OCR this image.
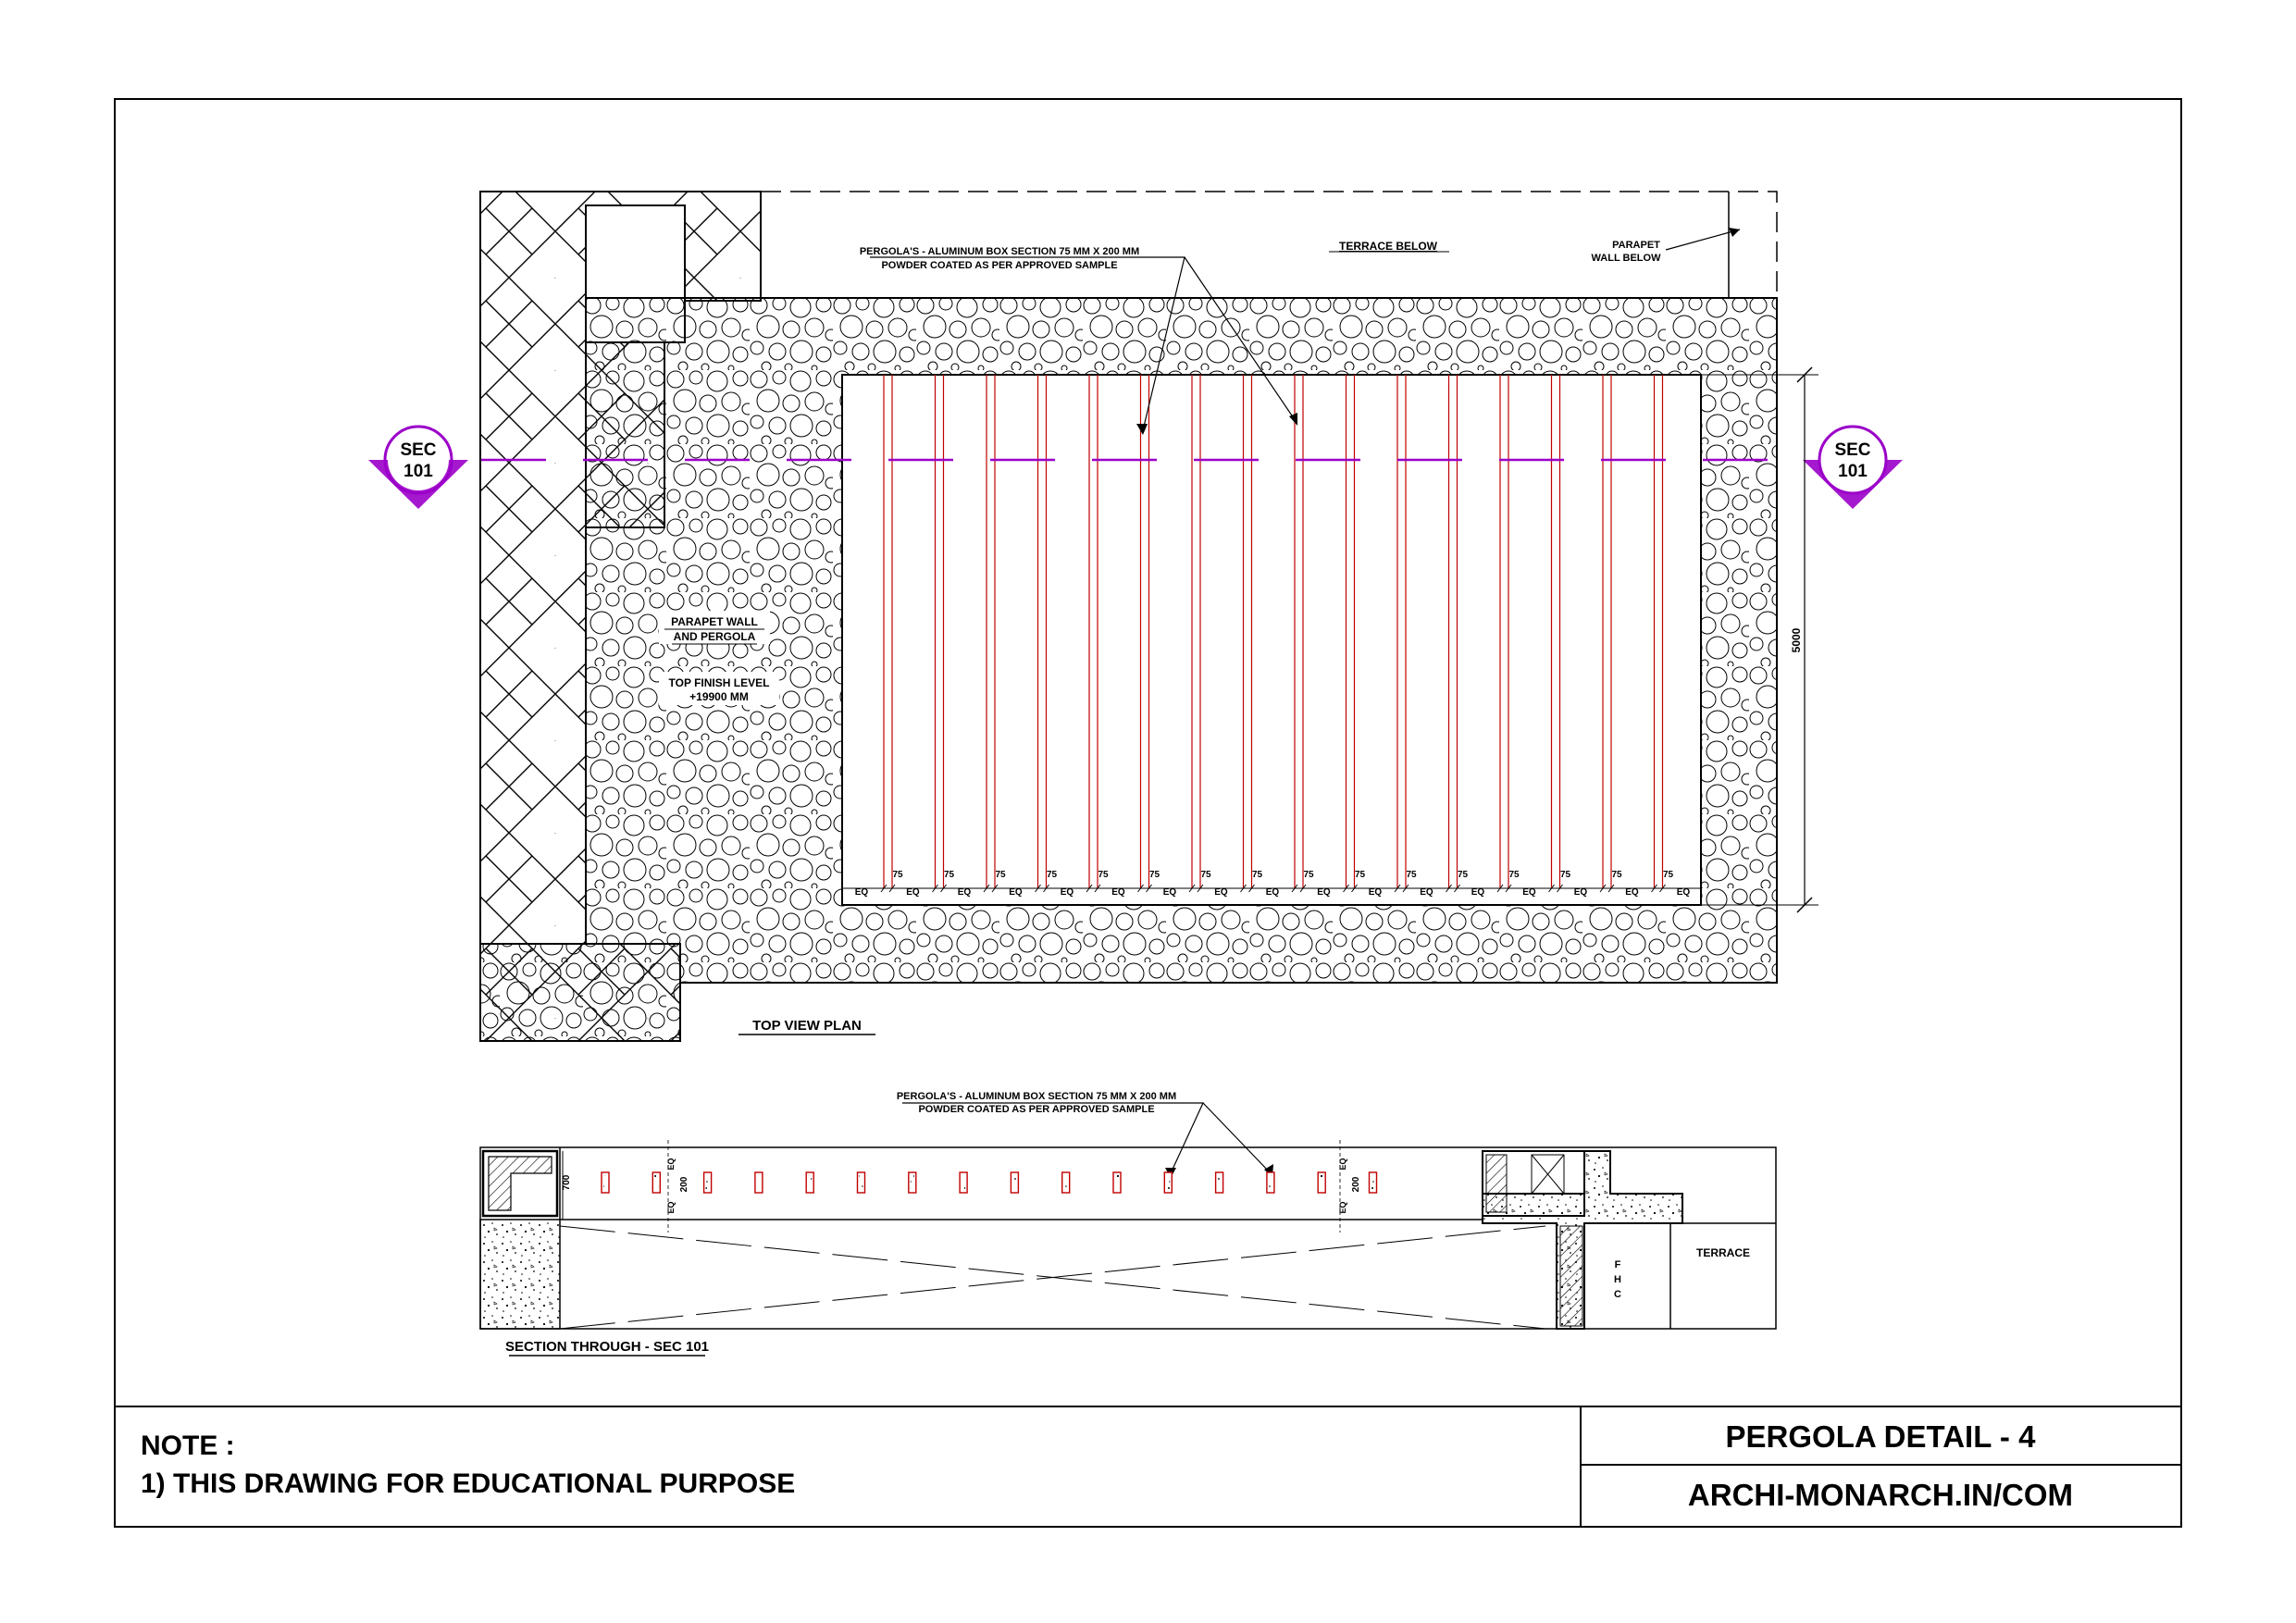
SEC
101
SEC
101
5000
EQ
75
EQ
75
EQ
75
EQ
75
EQ
75
EQ
75
EQ
75
EQ
75
EQ
75
EQ
75
EQ
75
EQ
75
EQ
75
EQ
75
EQ
75
EQ
75
EQ
PERGOLA'S - ALUMINUM BOX SECTION 75 MM X 200 MM
POWDER COATED AS PER APPROVED SAMPLE
TERRACE BELOW	PARAPET
WALL BELOW
PARAPET WALL
AND PERGOLA
TOP FINISH LEVEL
+19900 MM
TOP VIEW PLAN
PERGOLA'S - ALUMINUM BOX SECTION 75 MM X 200 MM
POWDER COATED AS PER APPROVED SAMPLE
700
EQ
EQ
200
EQ
EQ
200
F
H
C
TERRACE
SECTION THROUGH - SEC 101
NOTE :
1) THIS DRAWING FOR EDUCATIONAL PURPOSE
PERGOLA DETAIL - 4
ARCHI-MONARCH.IN/COM
